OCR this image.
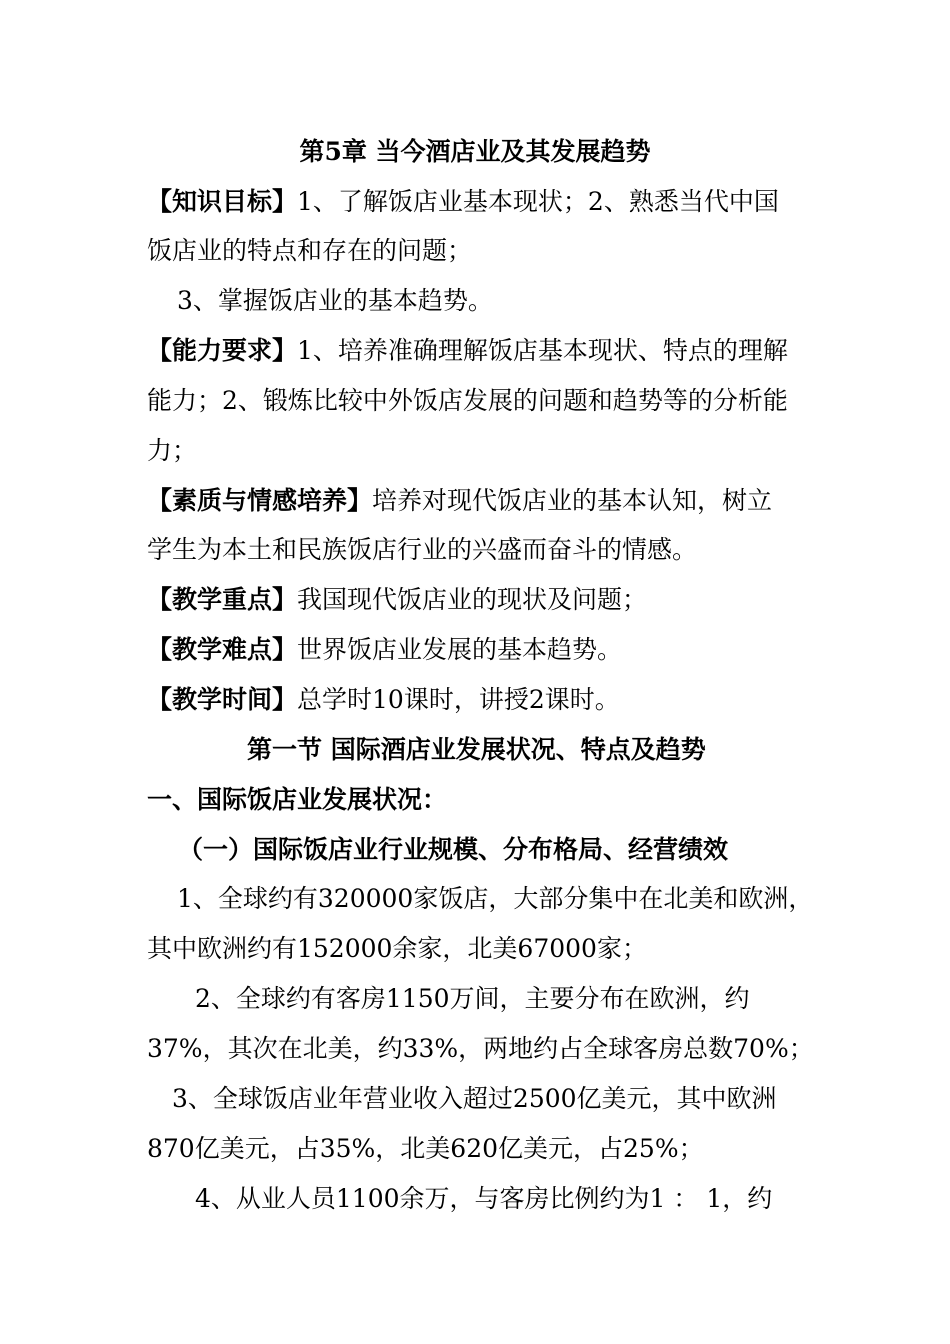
第5章 当今酒店业及其发展趋势
【知识目标】1、了解饭店业基本现状；2、熟悉当代中国
饭店业的特点和存在的问题；
3、掌握饭店业的基本趋势。
【能力要求】1、培养准确理解饭店基本现状、特点的理解
能力；2、锻炼比较中外饭店发展的问题和趋势等的分析能
力；
【素质与情感培养】培养对现代饭店业的基本认知，树立
学生为本土和民族饭店行业的兴盛而奋斗的情感。
【教学重点】我国现代饭店业的现状及问题；
【教学难点】世界饭店业发展的基本趋势。
【教学时间】总学时10课时，讲授2课时。
第一节 国际酒店业发展状况、特点及趋势
一、国际饭店业发展状况：
（一）国际饭店业行业规模、分布格局、经营绩效
1、全球约有320000家饭店，大部分集中在北美和欧洲，
其中欧洲约有152000余家，北美67000家；
2、全球约有客房1150万间，主要分布在欧洲，约
37%，其次在北美，约33%，两地约占全球客房总数70%；
3、全球饭店业年营业收入超过2500亿美元，其中欧洲
870亿美元，占35%，北美620亿美元，占25%；
4、从业人员1100余万，与客房比例约为1 ： 1，约
